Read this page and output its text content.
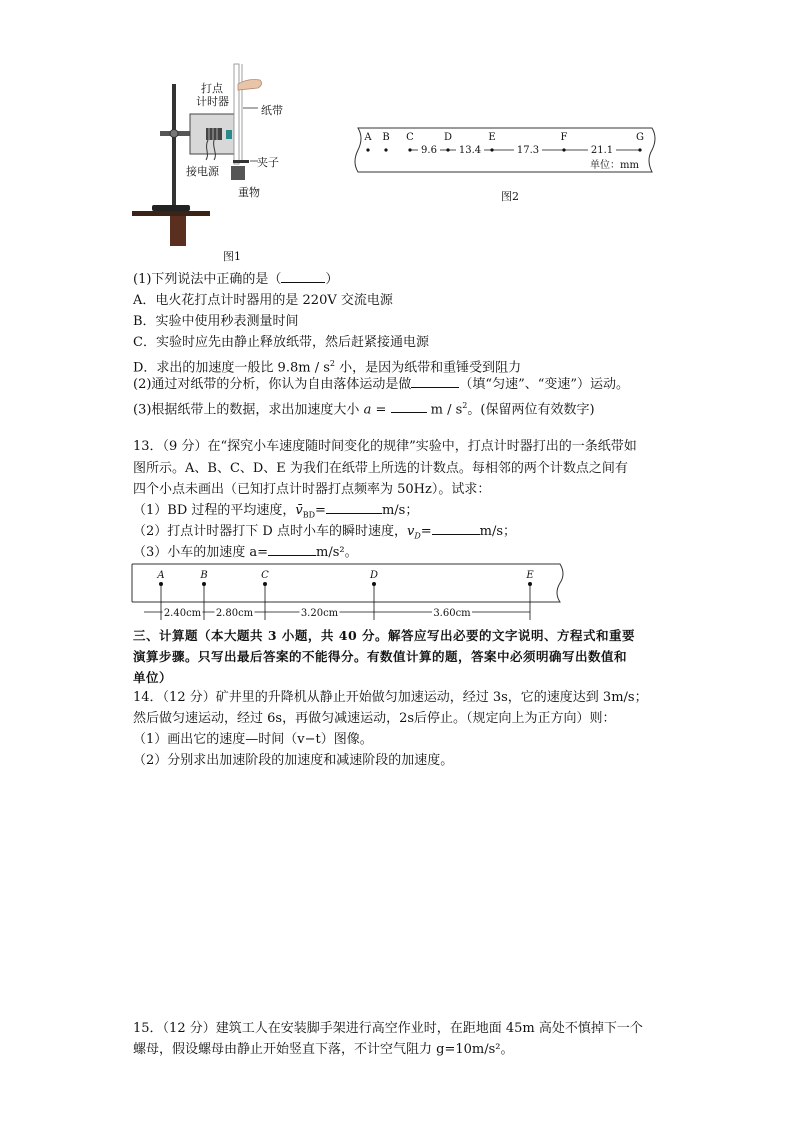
打点
计时器
纸带
接电源
夹子
重物
图1
A B C	D	E	F	G
9.6 13.4	17.3	21.1
单位：mm
图2
(1)下列说法中正确的是（	）
A．电火花打点计时器用的是 220V 交流电源
B．实验中使用秒表测量时间
C．实验时应先由静止释放纸带，然后赶紧接通电源
D．求出的加速度一般比 $9.8m / s^2$ 小，是因为纸带和重锤受到阻力
(2)通过对纸带的分析，你认为自由落体运动是做	（填“匀速”、“变速”）运动。
(3)根据纸带上的数据，求出加速度大小 a =	m / $s^2$。(保留两位有效数字)
13．（9 分）在“探究小车速度随时间变化的规律”实验中，打点计时器打出的一条纸带如
图所示。A、B、C、D、E 为我们在纸带上所选的计数点。每相邻的两个计数点之间有
四个小点未画出（已知打点计时器打点频率为 50Hz）。试求：
（1）BD 过程的平均速度，$v̄_{BD}=$	m/s；
（2）打点计时器打下 D 点时小车的瞬时速度，$v_D=$	m/s；
（3）小车的加速度 a=	m/s²。
A	B	C	D	E
2.40cm 2.80cm	3.20cm	3.60cm
三、计算题（本大题共 3 小题，共 40 分。解答应写出必要的文字说明、方程式和重要
演算步骤。只写出最后答案的不能得分。有数值计算的题，答案中必须明确写出数值和
单位）
14．（12 分）矿井里的升降机从静止开始做匀加速运动，经过 3s，它的速度达到 3m/s；
然后做匀速运动，经过 6s，再做匀减速运动，2s后停止。（规定向上为正方向）则：
（1）画出它的速度—时间（v−t）图像。
（2）分别求出加速阶段的加速度和减速阶段的加速度。
15．（12 分）建筑工人在安装脚手架进行高空作业时，在距地面 45m 高处不慎掉下一个
螺母，假设螺母由静止开始竖直下落，不计空气阻力 g=10m/s²。
